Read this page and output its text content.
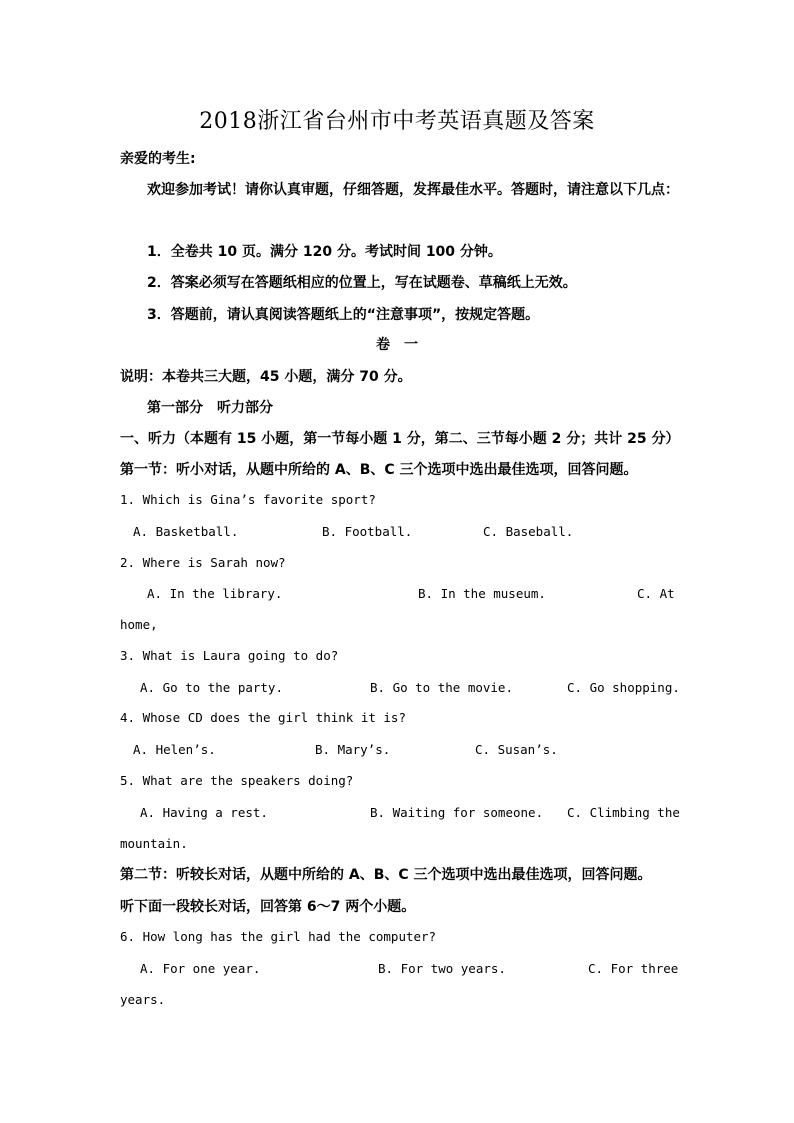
2018浙江省台州市中考英语真题及答案
亲爱的考生:
欢迎参加考试！请你认真审题，仔细答题，发挥最佳水平。答题时，请注意以下几点：
1．全卷共 10 页。满分 120 分。考试时间 100 分钟。
2．答案必须写在答题纸相应的位置上，写在试题卷、草稿纸上无效。
3．答题前，请认真阅读答题纸上的“注意事项”，按规定答题。
卷　一
说明：本卷共三大题，45 小题，满分 70 分。
第一部分　听力部分
一、听力（本题有 15 小题，第一节每小题 1 分，第二、三节每小题 2 分；共计 25 分）
第一节：听小对话，从题中所给的 A、B、C 三个选项中选出最佳选项，回答问题。
1. Which is Gina’s favorite sport?
A. Basketball.	B. Football.	C. Baseball.
2. Where is Sarah now?
A. In the library.	B. In the museum.	C. At
home,
3. What is Laura going to do?
A. Go to the party.	B. Go to the movie.	C. Go shopping.
4. Whose CD does the girl think it is?
A. Helen’s.	B. Mary’s.	C. Susan’s.
5. What are the speakers doing?
A. Having a rest.	B. Waiting for someone. C. Climbing the
mountain.
第二节：听较长对话，从题中所给的 A、B、C 三个选项中选出最佳选项，回答问题。
听下面一段较长对话，回答第 6～7 两个小题。
6. How long has the girl had the computer?
A. For one year.	B. For two years.	C. For three
years.
